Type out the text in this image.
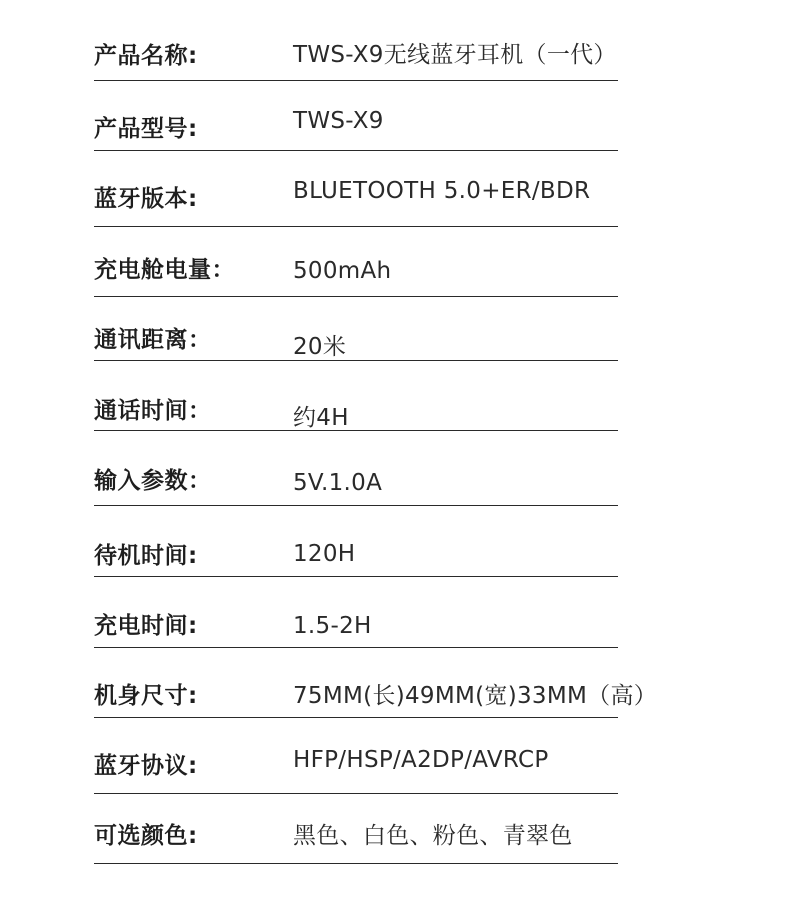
产品名称:	TWS-X9无线蓝牙耳机（一代）
产品型号:	TWS-X9
蓝牙版本:	BLUETOOTH 5.0+ER/BDR
充电舱电量：	500mAh
通讯距离：	20米
通话时间：	约4H
输入参数：	5V.1.0A
待机时间:	120H
充电时间:	1.5-2H
机身尺寸:	75MM(长)49MM(宽)33MM（高）
蓝牙协议:	HFP/HSP/A2DP/AVRCP
可选颜色:	黑色、白色、粉色、青翠色
